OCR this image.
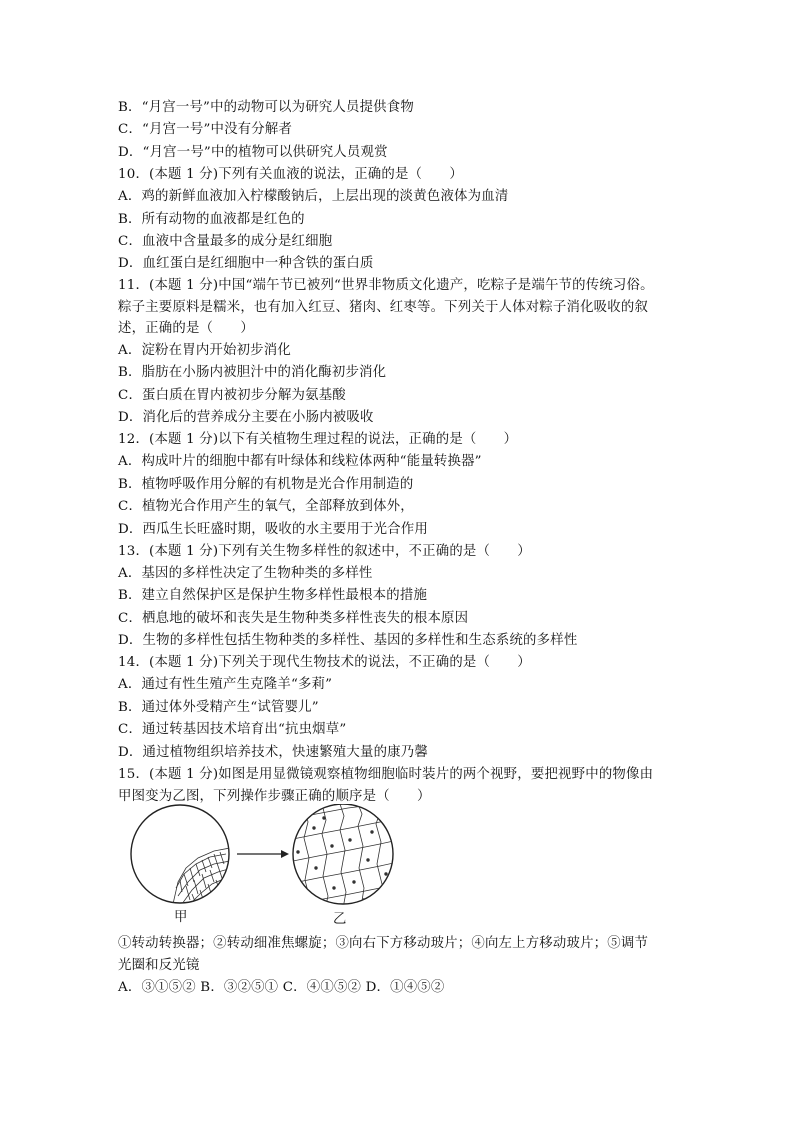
B．“月宫一号”中的动物可以为研究人员提供食物
C．“月宫一号”中没有分解者
D．“月宫一号”中的植物可以供研究人员观赏
10．(本题 1 分)下列有关血液的说法，正确的是（　　）
A．鸡的新鲜血液加入柠檬酸钠后，上层出现的淡黄色液体为血清
B．所有动物的血液都是红色的
C．血液中含量最多的成分是红细胞
D．血红蛋白是红细胞中一种含铁的蛋白质
11．(本题 1 分)中国“端午节已被列“世界非物质文化遗产，吃粽子是端午节的传统习俗。
粽子主要原料是糯米，也有加入红豆、猪肉、红枣等。下列关于人体对粽子消化吸收的叙
述，正确的是（　　）
A．淀粉在胃内开始初步消化
B．脂肪在小肠内被胆汁中的消化酶初步消化
C．蛋白质在胃内被初步分解为氨基酸
D．消化后的营养成分主要在小肠内被吸收
12．(本题 1 分)以下有关植物生理过程的说法，正确的是（　　）
A．构成叶片的细胞中都有叶绿体和线粒体两种“能量转换器”
B．植物呼吸作用分解的有机物是光合作用制造的
C．植物光合作用产生的氧气，全部释放到体外，
D．西瓜生长旺盛时期，吸收的水主要用于光合作用
13．(本题 1 分)下列有关生物多样性的叙述中，不正确的是（　　）
A．基因的多样性决定了生物种类的多样性
B．建立自然保护区是保护生物多样性最根本的措施
C．栖息地的破坏和丧失是生物种类多样性丧失的根本原因
D．生物的多样性包括生物种类的多样性、基因的多样性和生态系统的多样性
14．(本题 1 分)下列关于现代生物技术的说法，不正确的是（　　）
A．通过有性生殖产生克隆羊“多莉”
B．通过体外受精产生“试管婴儿”
C．通过转基因技术培育出“抗虫烟草”
D．通过植物组织培养技术，快速繁殖大量的康乃馨
15．(本题 1 分)如图是用显微镜观察植物细胞临时装片的两个视野，要把视野中的物像由
甲图变为乙图，下列操作步骤正确的顺序是（　　）
甲	乙
①转动转换器；②转动细准焦螺旋；③向右下方移动玻片；④向左上方移动玻片；⑤调节
光圈和反光镜
A．③①⑤② B．③②⑤① C．④①⑤② D．①④⑤②
